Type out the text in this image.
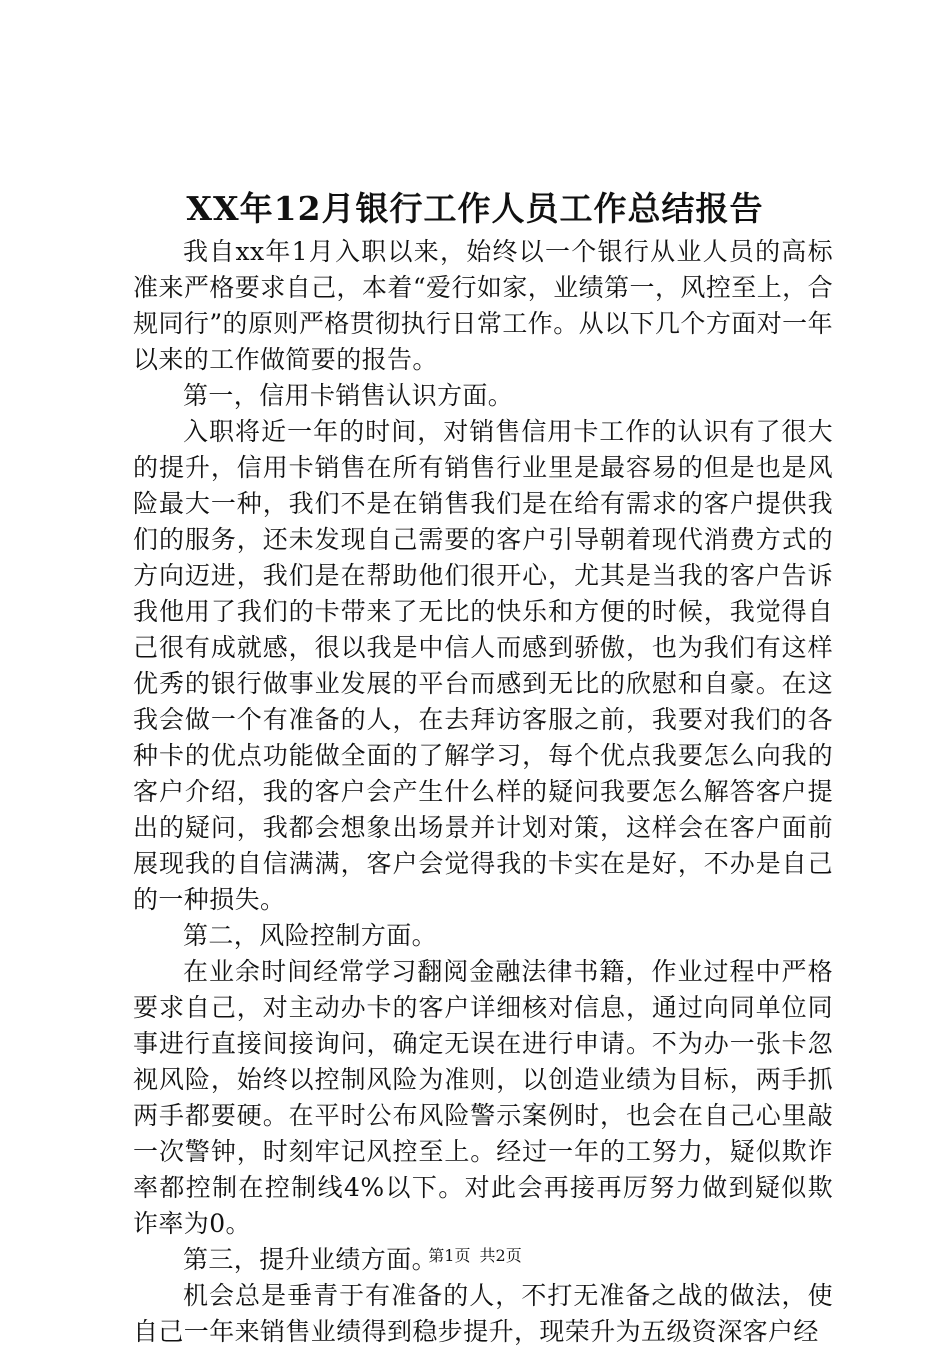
XX年12月银行工作人员工作总结报告

我自xx年1月入职以来，始终以一个银行从业人员的高标准来严格要求自己，本着“爱行如家，业绩第一，风控至上，合规同行”的原则严格贯彻执行日常工作。从以下几个方面对一年以来的工作做简要的报告。

第一，信用卡销售认识方面。

入职将近一年的时间，对销售信用卡工作的认识有了很大的提升，信用卡销售在所有销售行业里是最容易的但是也是风险最大一种，我们不是在销售我们是在给有需求的客户提供我们的服务，还未发现自己需要的客户引导朝着现代消费方式的方向迈进，我们是在帮助他们很开心，尤其是当我的客户告诉我他用了我们的卡带来了无比的快乐和方便的时候，我觉得自己很有成就感，很以我是中信人而感到骄傲，也为我们有这样优秀的银行做事业发展的平台而感到无比的欣慰和自豪。在这我会做一个有准备的人，在去拜访客服之前，我要对我们的各种卡的优点功能做全面的了解学习，每个优点我要怎么向我的客户介绍，我的客户会产生什么样的疑问我要怎么解答客户提出的疑问，我都会想象出场景并计划对策，这样会在客户面前展现我的自信满满，客户会觉得我的卡实在是好，不办是自己的一种损失。

第二，风险控制方面。

在业余时间经常学习翻阅金融法律书籍，作业过程中严格要求自己，对主动办卡的客户详细核对信息，通过向同单位同事进行直接间接询问，确定无误在进行申请。不为办一张卡忽视风险，始终以控制风险为准则，以创造业绩为目标，两手抓两手都要硬。在平时公布风险警示案例时，也会在自己心里敲一次警钟，时刻牢记风控至上。经过一年的工努力，疑似欺诈率都控制在控制线4%以下。对此会再接再厉努力做到疑似欺诈率为0。

第三，提升业绩方面。

机会总是垂青于有准备的人，不打无准备之战的做法，使自己一年来销售业绩得到稳步提升，现荣升为五级资深客户经

第1页 共2页
